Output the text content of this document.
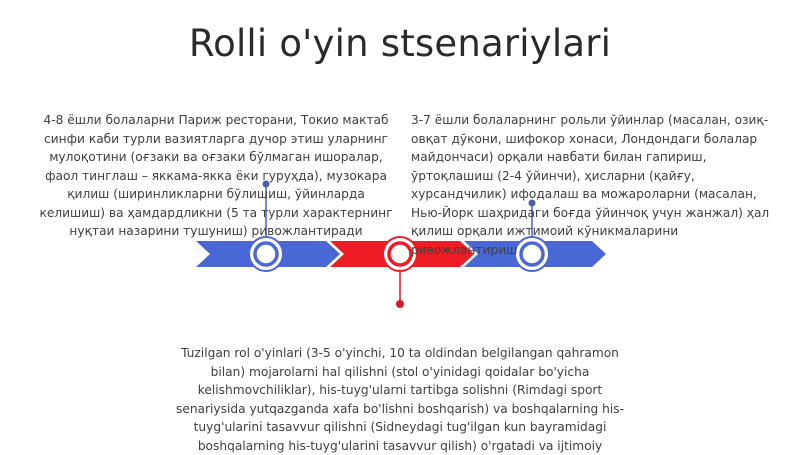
Rolli o'yin stsenariylari
4-8 ёшли болаларни Париж ресторани, Токио мактаб синфи каби турли вазиятларга дучор этиш уларнинг мулоқотини (оғзаки ва оғзаки бўлмаган ишоралар, фаол тинглаш – яккама-якка ёки гуруҳда), музокара қилиш (ширинликларни бўлишиш, ўйинларда келишиш) ва ҳамдардликни (5 та турли характернинг нуқтаи назарини тушуниш) ривожлантиради
3-7 ёшли болаларнинг рольли ўйинлар (масалан, озиқ-овқат дўкони, шифокор хонаси, Лондондаги болалар майдончаси) орқали навбати билан гапириш, ўртоқлашиш (2-4 ўйинчи), ҳисларни (қайғу, хурсандчилик) ифодалаш ва можароларни (масалан, Нью-Йорк шаҳридаги боғда ўйинчоқ учун жанжал) ҳал қилиш орқали ижтимоий кўникмаларини ривожлантириш
Tuzilgan rol o'yinlari (3-5 o'yinchi, 10 ta oldindan belgilangan qahramon bilan) mojarolarni hal qilishni (stol o'yinidagi qoidalar bo'yicha kelishmovchiliklar), his-tuyg'ularni tartibga solishni (Rimdagi sport senariysida yutqazganda xafa bo'lishni boshqarish) va boshqalarning his-tuyg'ularini tasavvur qilishni (Sidneydagi tug'ilgan kun bayramidagi boshqalarning his-tuyg'ularini tasavvur qilish) o'rgatadi va ijtimoiy
